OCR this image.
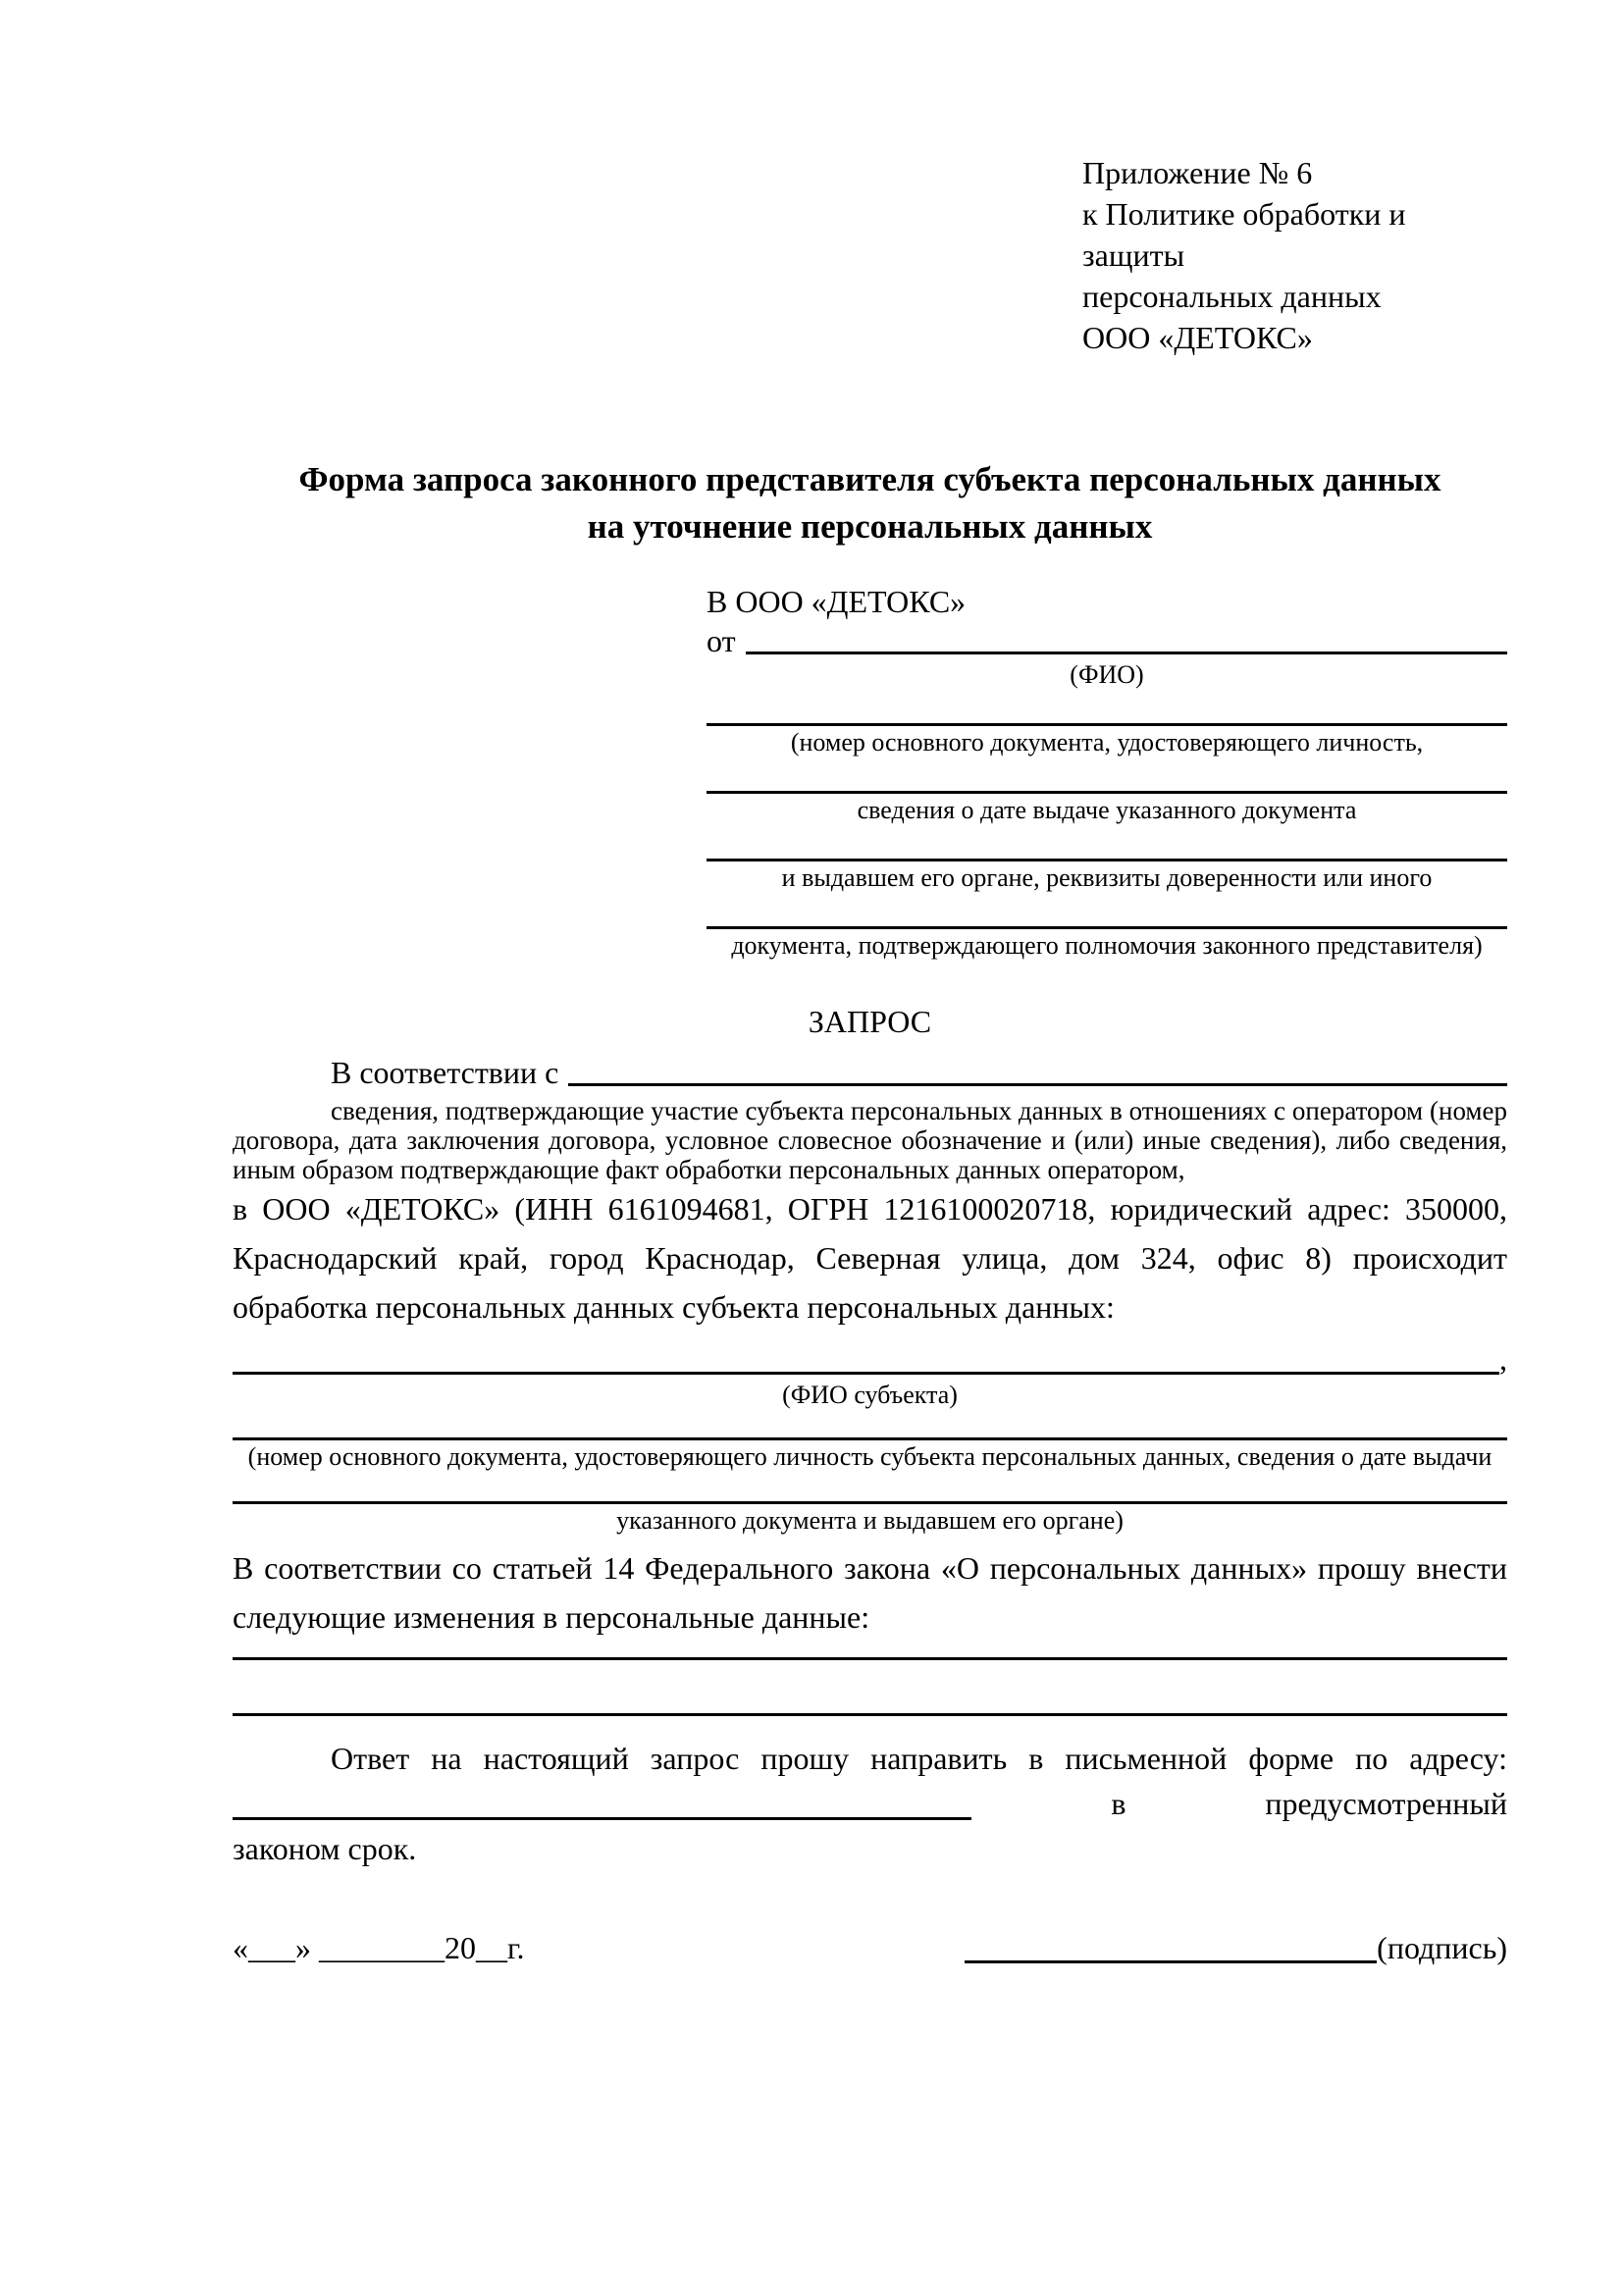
Приложение № 6
к Политике обработки и защиты
персональных данных
ООО «ДЕТОКС»
Форма запроса законного представителя субъекта персональных данных
на уточнение персональных данных
В ООО «ДЕТОКС»
от
(ФИО)
(номер основного документа, удостоверяющего личность,
сведения о дате выдаче указанного документа
и выдавшем его органе, реквизиты доверенности или иного
документа, подтверждающего полномочия законного представителя)
ЗАПРОС
В соответствии с
сведения, подтверждающие участие субъекта персональных данных в отношениях с оператором (номер договора, дата заключения договора, условное словесное обозначение и (или) иные сведения), либо сведения, иным образом подтверждающие факт обработки персональных данных оператором,
в ООО «ДЕТОКС» (ИНН 6161094681, ОГРН 1216100020718, юридический адрес: 350000, Краснодарский край, город Краснодар, Северная улица, дом 324, офис 8) происходит обработка персональных данных субъекта персональных данных:
,
(ФИО субъекта)
(номер основного документа, удостоверяющего личность субъекта персональных данных, сведения о дате выдачи
указанного документа и выдавшем его органе)
В соответствии со статьей 14 Федерального закона «О персональных данных» прошу внести следующие изменения в персональные данные:
Ответ на настоящий запрос прошу направить в письменной форме по адресу:
в	предусмотренный
законом срок.
«___» ________20__г.	(подпись)
